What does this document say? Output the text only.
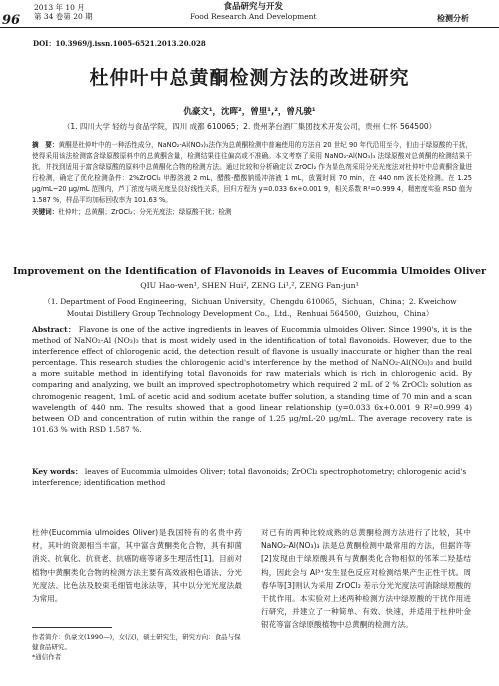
2013 年 10 月
第 34 卷第 20 期
96
食品研究与开发
Food Research And Development	检测分析
DOI：10.3969/j.issn.1005-6521.2013.20.028
杜仲叶中总黄酮检测方法的改进研究
仇豪文¹，沈晖²，曾里¹,²，曾凡骏¹
（1. 四川大学 轻纺与食品学院，四川 成都 610065；2. 贵州茅台酒厂集团技术开发公司，贵州 仁怀 564500）
摘　要：黄酮是杜仲叶中的一种活性成分，NaNO₂-Al(NO₃)₃法作为总黄酮检测中普遍使用的方法自 20 世纪 90 年代沿用至今，但由于绿原酸的干扰，使得采用该法检测富含绿原酸原料中的总黄酮含量，检测结果往往偏高或不准确。本文考察了采用 NaNO₂-Al(NO₃)₃ 法绿原酸对总黄酮的检测结果干扰，并找到适用于富含绿原酸的原料中总黄酮化合物的检测方法。通过比较和分析确定以 ZrOCl₂ 作为显色剂采用分光光度法对杜仲叶中总黄酮含量进行检测，确定了优化检测条件：2%ZrOCl₂ 甲醇溶液 2 mL，醋酸-醋酸钠缓冲溶液 1 mL，放置时间 70 min，在 440 nm 波长处检测。在 1.25 μg/mL~20 μg/mL 范围内，芦丁浓度与吸光度呈良好线性关系，回归方程为 y=0.033 6x+0.001 9，相关系数 R²=0.999 4，精密度实验 RSD 值为 1.587 %，样品平均加标回收率为 101.63 %。
关键词：杜仲叶；总黄酮；ZrOCl₂；分光光度法；绿原酸干扰；检测
Improvement on the Identification of Flavonoids in Leaves of Eucommia Ulmoides Oliver
QIU Hao-wen¹, SHEN Hui², ZENG Li¹,², ZENG Fan-jun¹
（1. Department of Food Engineering，Sichuan University，Chengdu 610065，Sichuan，China；2. Kweichow Moutai Distillery Group Technology Development Co.，Ltd.，Renhuai 564500，Guizhou，China）
Abstract： Flavone is one of the active ingredients in leaves of Eucommia ulmoides Oliver. Since 1990's, it is the method of NaNO₂-Al (NO₃)₃ that is most widely used in the identification of total flavonoids. However, due to the interference effect of chlorogenic acid, the detection result of flavone is usually inaccurate or higher than the real percentage. This research studies the chlorogenic acid's interference by the method of NaNO₂-Al(NO₃)₃ and build a more suitable method in identifying total flavonoids for raw materials which is rich in chlorogenic acid. By comparing and analyzing, we built an improved spectrophotometry which required 2 mL of 2 % ZrOCl₂ solution as chromogenic reagent, 1mL of acetic acid and sodium acetate buffer solution, a standing time of 70 min and a scan wavelength of 440 nm. The results showed that a good linear relationship (y=0.033 6x+0.001 9 R²=0.999 4) between OD and concentration of rutin within the range of 1.25 μg/mL-20 μg/mL. The average recovery rate is 101.63 % with RSD 1.587 %.
Key words： leaves of Eucommia ulmoides Oliver; total flavonoids; ZrOCl₂ spectrophotometry; chlorogenic acid's interference; identification method
杜仲(Eucommia ulmoides Oliver)是我国特有的名贵中药材，其叶的资源相当丰富，其中富含黄酮类化合物，具有抑菌消炎、抗氧化、抗衰老、抗癌防癌等诸多生理活性[1]。目前对植物中黄酮类化合物的检测方法主要有高效液相色谱法、分光光度法、比色法及胶束毛细管电泳法等，其中以分光光度法最为常用。
对已有的两种比较成熟的总黄酮检测方法进行了比较，其中 NaNO₂-Al(NO₃)₃ 法是总黄酮检测中最常用的方法，但据许等[2]发现由于绿原酸具有与黄酮类化合物相似的邻苯二羟基结构，因此会与 Al³⁺发生显色反应对检测结果产生正性干扰。周春华等[3]则认为采用 ZrOCl₂ 差示分光光度法可消除绿原酸的干扰作用。本实验对上述两种检测方法中绿原酸的干扰作用进行研究，并建立了一种简单、有效、快速，并适用于杜仲叶金银花等富含绿原酸植物中总黄酮的检测方法。
作者简介：仇豪文(1990—)，女(汉)，硕士研究生，研究方向：食品与保健食品研究。
*通信作者
